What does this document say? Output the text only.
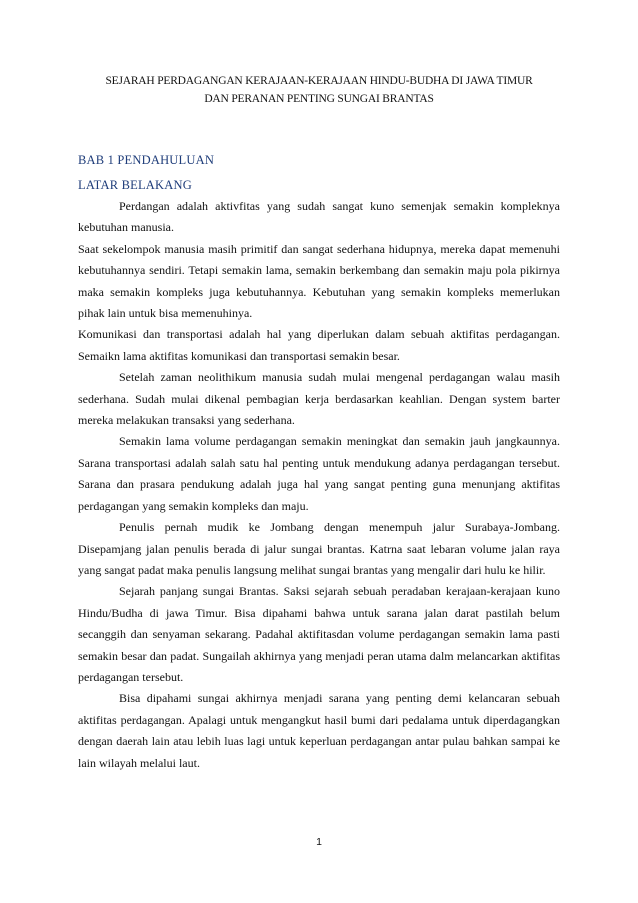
SEJARAH PERDAGANGAN KERAJAAN-KERAJAAN HINDU-BUDHA DI JAWA TIMUR
DAN PERANAN PENTING SUNGAI BRANTAS
BAB 1 PENDAHULUAN
LATAR BELAKANG

Perdangan adalah aktivfitas yang sudah sangat kuno semenjak semakin kompleknya kebutuhan manusia.

Saat sekelompok manusia masih primitif dan sangat sederhana hidupnya, mereka dapat memenuhi kebutuhannya sendiri. Tetapi semakin lama, semakin berkembang dan semakin maju pola pikirnya maka semakin kompleks juga kebutuhannya. Kebutuhan yang semakin kompleks memerlukan pihak lain untuk bisa memenuhinya.

Komunikasi dan transportasi adalah hal yang diperlukan dalam sebuah aktifitas perdagangan. Semaikn lama aktifitas komunikasi dan transportasi semakin besar.

Setelah zaman neolithikum manusia sudah mulai mengenal perdagangan walau masih sederhana. Sudah mulai dikenal pembagian kerja berdasarkan keahlian. Dengan system barter mereka melakukan transaksi yang sederhana.

Semakin lama volume perdagangan semakin meningkat dan semakin jauh jangkaunnya. Sarana transportasi adalah salah satu hal penting untuk mendukung adanya perdagangan tersebut. Sarana dan prasara pendukung adalah juga hal yang sangat penting guna menunjang aktifitas perdagangan yang semakin kompleks dan maju.

Penulis pernah mudik ke Jombang dengan menempuh jalur Surabaya-Jombang. Disepamjang jalan penulis berada di jalur sungai brantas. Katrna saat lebaran volume jalan raya yang sangat padat maka penulis langsung melihat sungai brantas yang mengalir dari hulu ke hilir.

Sejarah panjang sungai Brantas. Saksi sejarah sebuah peradaban kerajaan-kerajaan kuno Hindu/Budha di jawa Timur. Bisa dipahami bahwa untuk sarana jalan darat pastilah belum secanggih dan senyaman sekarang. Padahal aktifitasdan volume perdagangan semakin lama pasti semakin besar dan padat. Sungailah akhirnya yang menjadi peran utama dalm melancarkan aktifitas perdagangan tersebut.

Bisa dipahami sungai akhirnya menjadi sarana yang penting demi kelancaran sebuah aktifitas perdagangan. Apalagi untuk mengangkut hasil bumi dari pedalama untuk diperdagangkan dengan daerah lain atau lebih luas lagi untuk keperluan perdagangan antar pulau bahkan sampai ke lain wilayah melalui laut.

1
